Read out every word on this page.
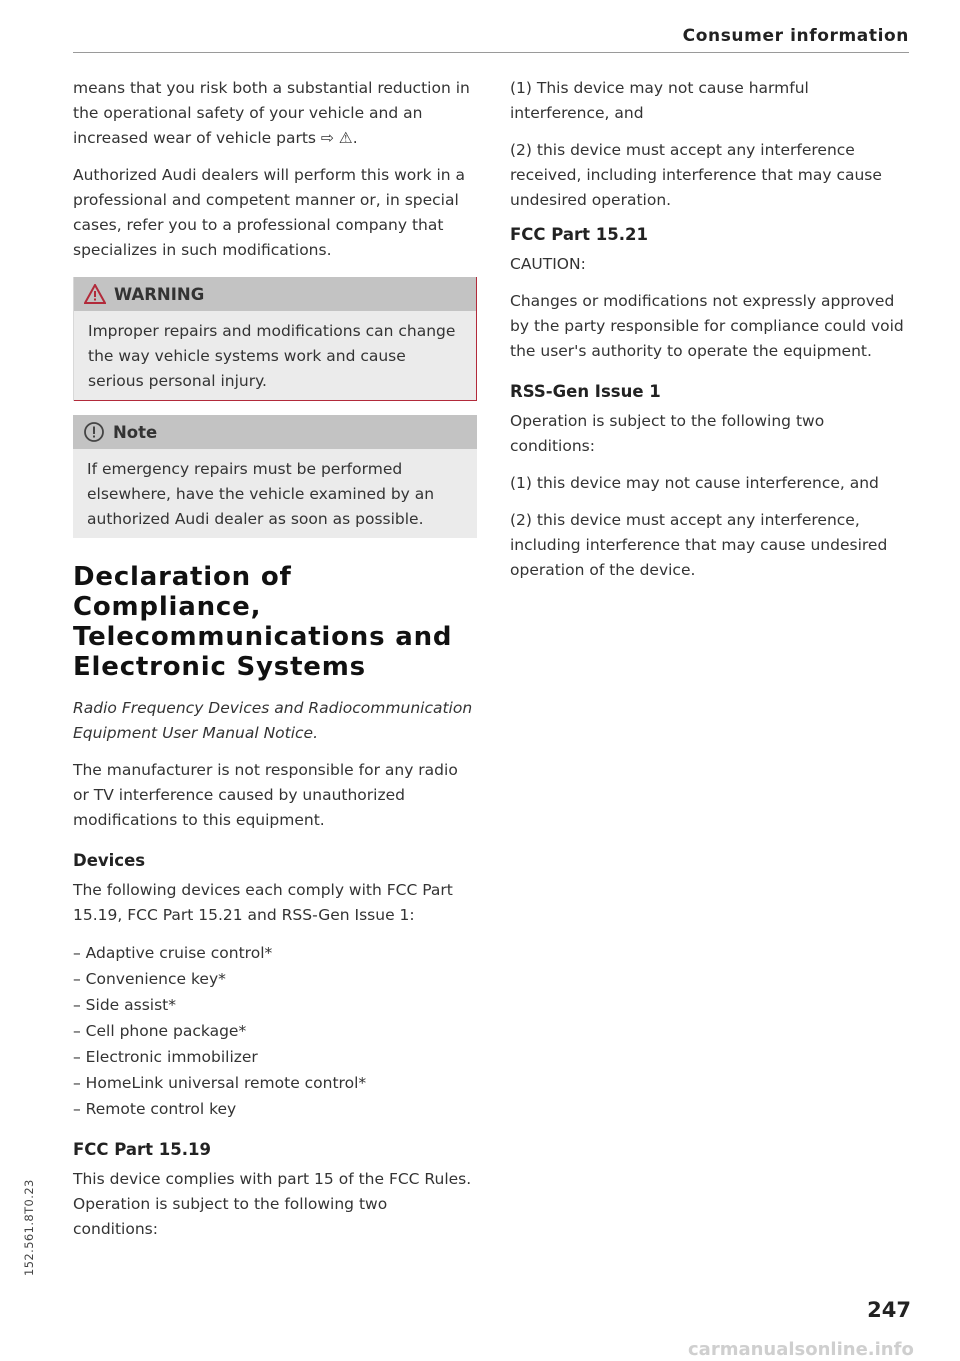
Consumer information

means that you risk both a substantial reduction in the operational safety of your vehicle and an increased wear of vehicle parts ⇨ ⚠.

Authorized Audi dealers will perform this work in a professional and competent manner or, in special cases, refer you to a professional company that specializes in such modifications.

WARNING

Improper repairs and modifications can change the way vehicle systems work and cause serious personal injury.

Note

If emergency repairs must be performed elsewhere, have the vehicle examined by an authorized Audi dealer as soon as possible.

Declaration of Compliance, Telecommunications and Electronic Systems

Radio Frequency Devices and Radiocommunication Equipment User Manual Notice.

The manufacturer is not responsible for any radio or TV interference caused by unauthorized modifications to this equipment.

Devices

The following devices each comply with FCC Part 15.19, FCC Part 15.21 and RSS-Gen Issue 1:

– Adaptive cruise control*
– Convenience key*
– Side assist*
– Cell phone package*
– Electronic immobilizer
– HomeLink universal remote control*
– Remote control key
FCC Part 15.19

This device complies with part 15 of the FCC Rules. Operation is subject to the following two conditions:

(1) This device may not cause harmful interference, and

(2) this device must accept any interference received, including interference that may cause undesired operation.

FCC Part 15.21

CAUTION:

Changes or modifications not expressly approved by the party responsible for compliance could void the user's authority to operate the equipment.

RSS-Gen Issue 1

Operation is subject to the following two conditions:

(1) this device may not cause interference, and

(2) this device must accept any interference, including interference that may cause undesired operation of the device.

152.561.8T0.23
247
carmanualsonline.info
